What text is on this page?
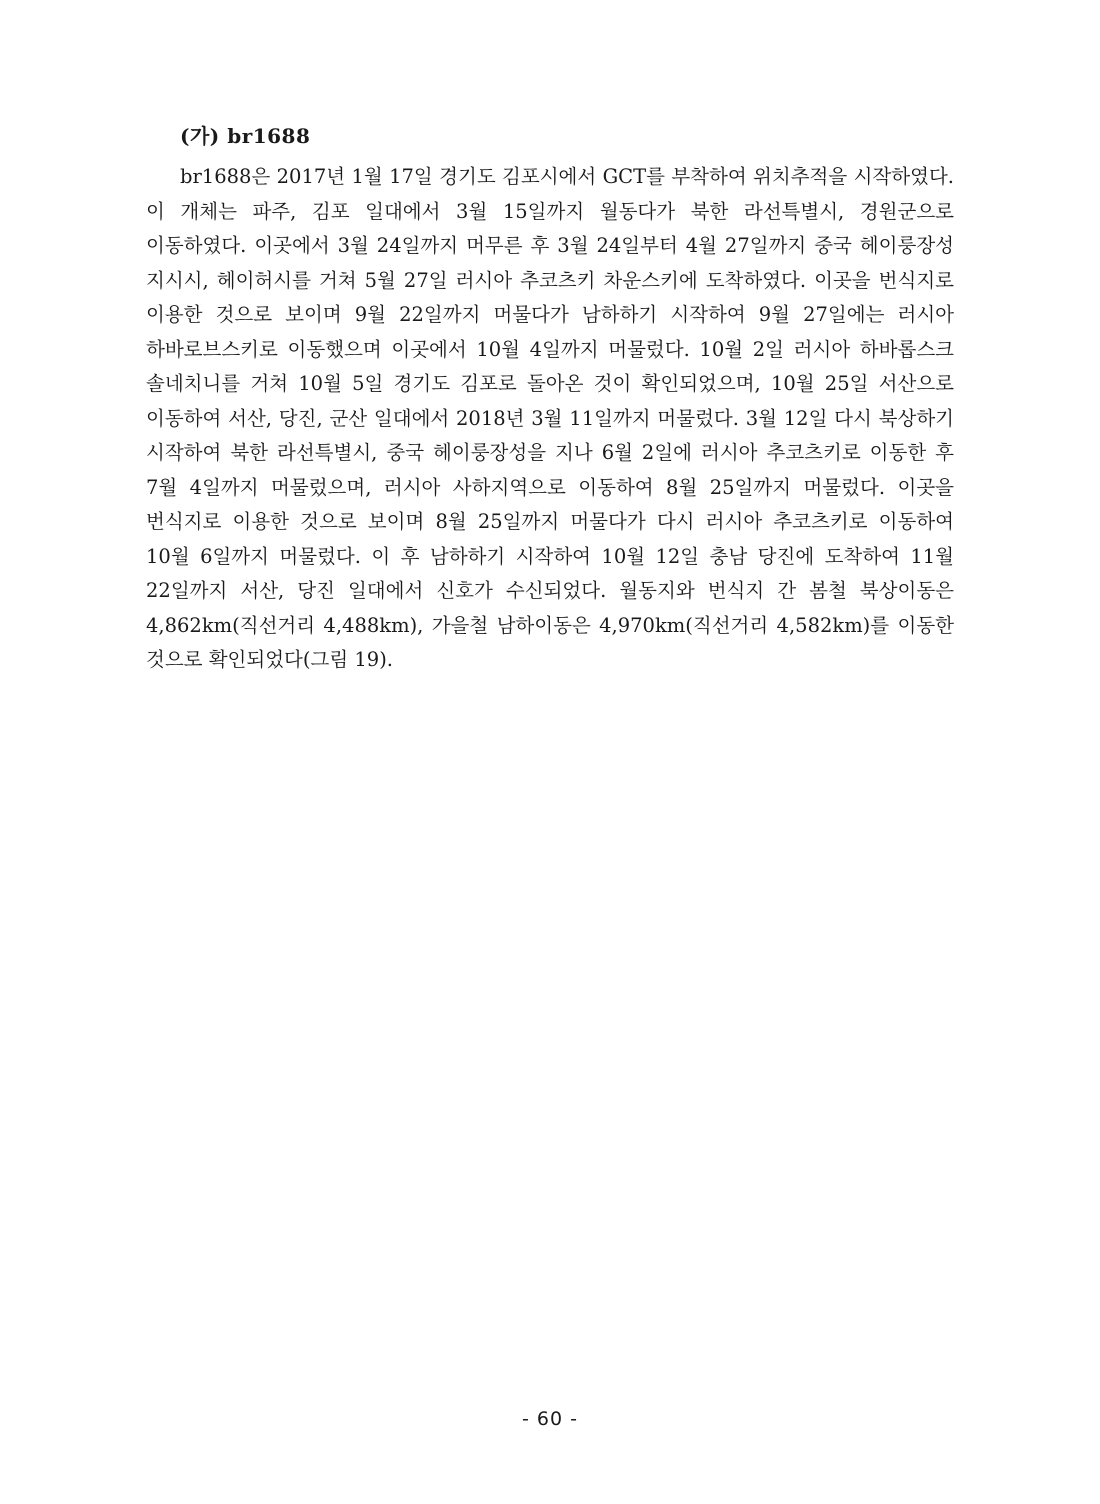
(가) br1688

br1688은 2017년 1월 17일 경기도 김포시에서 GCT를 부착하여 위치추적을 시작하였다. 이 개체는 파주, 김포 일대에서 3월 15일까지 월동다가 북한 라선특별시, 경원군으로 이동하였다. 이곳에서 3월 24일까지 머무른 후 3월 24일부터 4월 27일까지 중국 헤이룽장성 지시시, 헤이허시를 거쳐 5월 27일 러시아 추코츠키 차운스키에 도착하였다. 이곳을 번식지로 이용한 것으로 보이며 9월 22일까지 머물다가 남하하기 시작하여 9월 27일에는 러시아 하바로브스키로 이동했으며 이곳에서 10월 4일까지 머물렀다. 10월 2일 러시아 하바롭스크 솔네치니를 거쳐 10월 5일 경기도 김포로 돌아온 것이 확인되었으며, 10월 25일 서산으로 이동하여 서산, 당진, 군산 일대에서 2018년 3월 11일까지 머물렀다. 3월 12일 다시 북상하기 시작하여 북한 라선특별시, 중국 헤이룽장성을 지나 6월 2일에 러시아 추코츠키로 이동한 후 7월 4일까지 머물렀으며, 러시아 사하지역으로 이동하여 8월 25일까지 머물렀다. 이곳을 번식지로 이용한 것으로 보이며 8월 25일까지 머물다가 다시 러시아 추코츠키로 이동하여 10월 6일까지 머물렀다. 이 후 남하하기 시작하여 10월 12일 충남 당진에 도착하여 11월 22일까지 서산, 당진 일대에서 신호가 수신되었다. 월동지와 번식지 간 봄철 북상이동은 4,862km(직선거리 4,488km), 가을철 남하이동은 4,970km(직선거리 4,582km)를 이동한 것으로 확인되었다(그림 19).

- 60 -
